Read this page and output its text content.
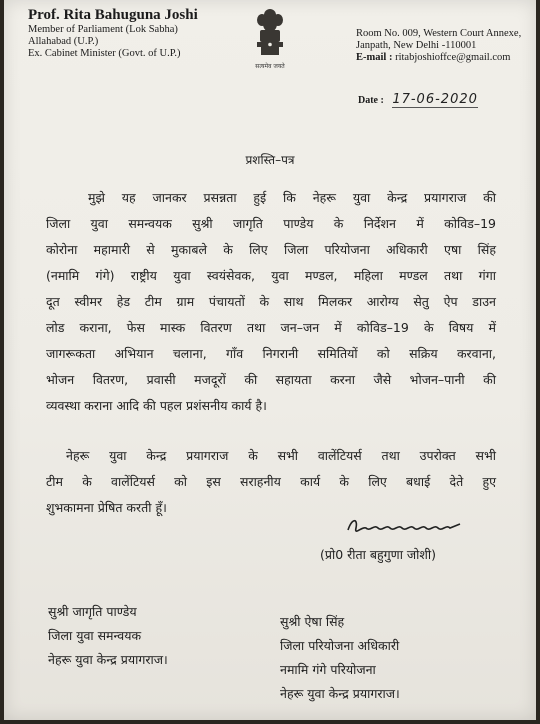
Prof. Rita Bahuguna Joshi
Member of Parliament (Lok Sabha)
Allahabad (U.P.)
Ex. Cabinet Minister (Govt. of U.P.)
सत्यमेव जयते
Room No. 009, Western Court Annexe,
Janpath, New Delhi -110001
E-mail : ritabjoshioffce@gmail.com
Date : 17-06-2020
प्रशस्ति–पत्र
मुझे यह जानकर प्रसन्नता हुई कि नेहरू युवा केन्द्र प्रयागराज की
जिला युवा समन्वयक सुश्री जागृति पाण्डेय के निर्देशन में कोविड–19
कोरोना महामारी से मुकाबले के लिए जिला परियोजना अधिकारी एषा सिंह
(नमामि गंगे) राष्ट्रीय युवा स्वयंसेवक, युवा मण्डल, महिला मण्डल तथा गंगा
दूत स्वीमर हेड टीम ग्राम पंचायतों के साथ मिलकर आरोग्य सेतु ऐप डाउन
लोड कराना, फेस मास्क वितरण तथा जन–जन में कोविड–19 के विषय में
जागरूकता अभियान चलाना, गाँव निगरानी समितियों को सक्रिय करवाना,
भोजन वितरण, प्रवासी मजदूरों की सहायता करना जैसे भोजन–पानी की
व्यवस्था कराना आदि की पहल प्रशंसनीय कार्य है।
नेहरू युवा केन्द्र प्रयागराज के सभी वालेंटियर्स तथा उपरोक्त सभी
टीम के वालेंटियर्स को इस सराहनीय कार्य के लिए बधाई देते हुए
शुभकामना प्रेषित करती हूँ।
(प्रो0 रीता बहुगुणा जोशी)
सुश्री जागृति पाण्डेय
जिला युवा समन्वयक
नेहरू युवा केन्द्र प्रयागराज।
सुश्री ऐषा सिंह
जिला परियोजना अधिकारी
नमामि गंगे परियोजना
नेहरू युवा केन्द्र प्रयागराज।
